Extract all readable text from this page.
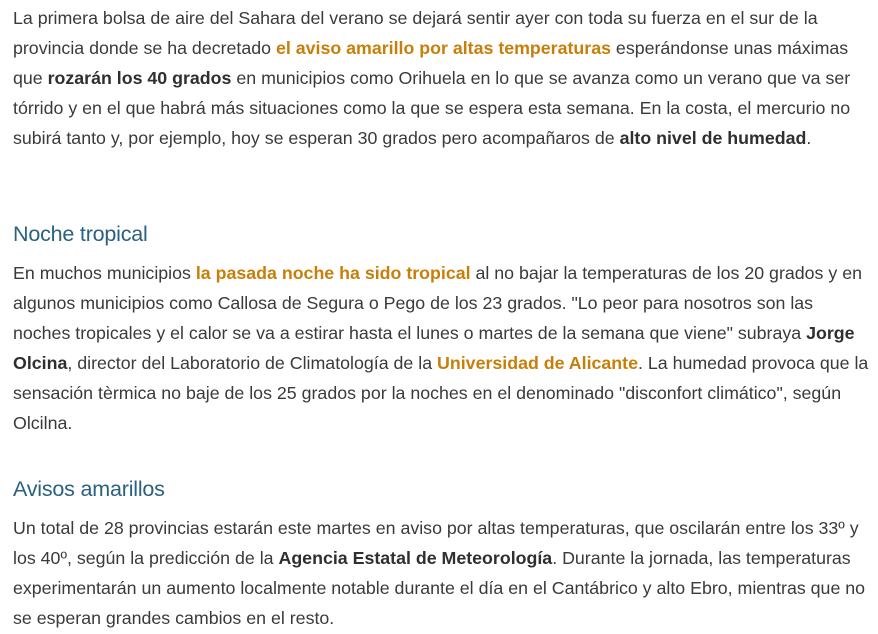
La primera bolsa de aire del Sahara del verano se dejará sentir ayer con toda su fuerza en el sur de la provincia donde se ha decretado el aviso amarillo por altas temperaturas esperándonse unas máximas que rozarán los 40 grados en municipios como Orihuela en lo que se avanza como un verano que va ser tórrido y en el que habrá más situaciones como la que se espera esta semana. En la costa, el mercurio no subirá tanto y, por ejemplo, hoy se esperan 30 grados pero acompañaros de alto nivel de humedad.

Noche tropical

En muchos municipios la pasada noche ha sido tropical al no bajar la temperaturas de los 20 grados y en algunos municipios como Callosa de Segura o Pego de los 23 grados. "Lo peor para nosotros son las noches tropicales y el calor se va a estirar hasta el lunes o martes de la semana que viene" subraya Jorge Olcina, director del Laboratorio de Climatología de la Universidad de Alicante. La humedad provoca que la sensación tèrmica no baje de los 25 grados por la noches en el denominado "disconfort climático", según Olcilna.

Avisos amarillos

Un total de 28 provincias estarán este martes en aviso por altas temperaturas, que oscilarán entre los 33º y los 40º, según la predicción de la Agencia Estatal de Meteorología. Durante la jornada, las temperaturas experimentarán un aumento localmente notable durante el día en el Cantábrico y alto Ebro, mientras que no se esperan grandes cambios en el resto.
